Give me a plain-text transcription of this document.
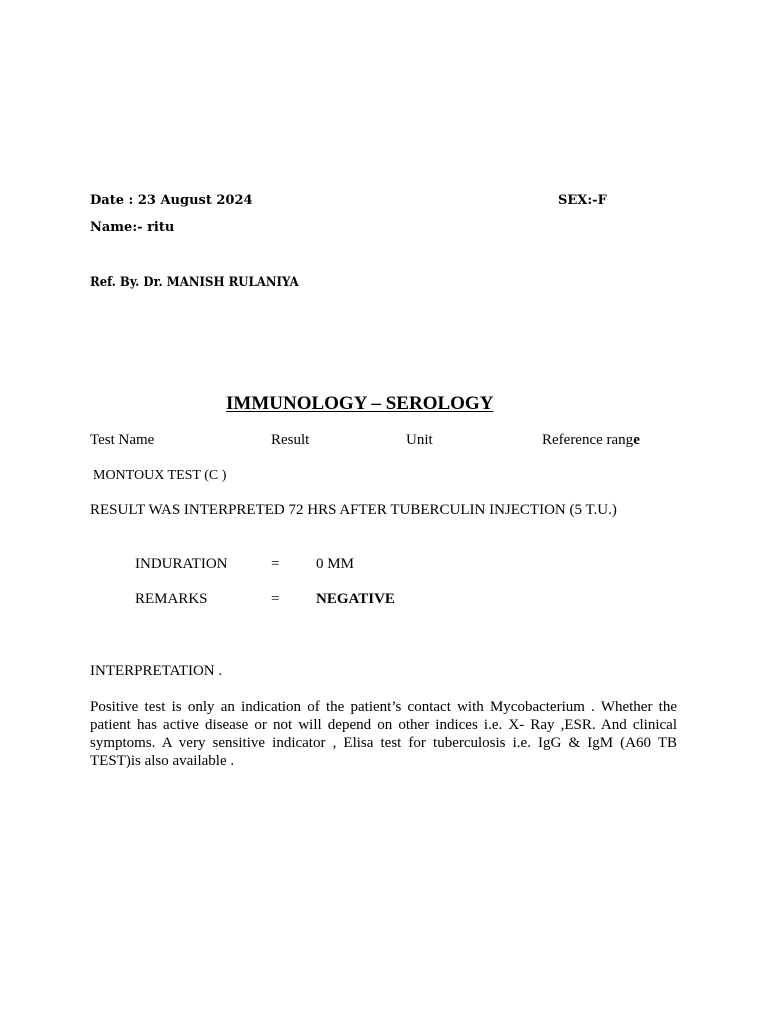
Date : 23 August 2024	SEX:-F
Name:- ritu
Ref. By. Dr. MANISH RULANIYA
IMMUNOLOGY – SEROLOGY
Test Name	Result	Unit	Reference range
MONTOUX TEST (C )
RESULT WAS INTERPRETED 72 HRS AFTER TUBERCULIN INJECTION (5 T.U.)
INDURATION	= 0 MM
REMARKS	= NEGATIVE
INTERPRETATION .
Positive test is only an indication of the patient’s contact with Mycobacterium . Whether the patient has active disease or not will depend on other indices i.e. X- Ray ,ESR. And clinical symptoms. A very sensitive indicator , Elisa test for tuberculosis i.e. IgG & IgM (A60 TB TEST)is also available .
